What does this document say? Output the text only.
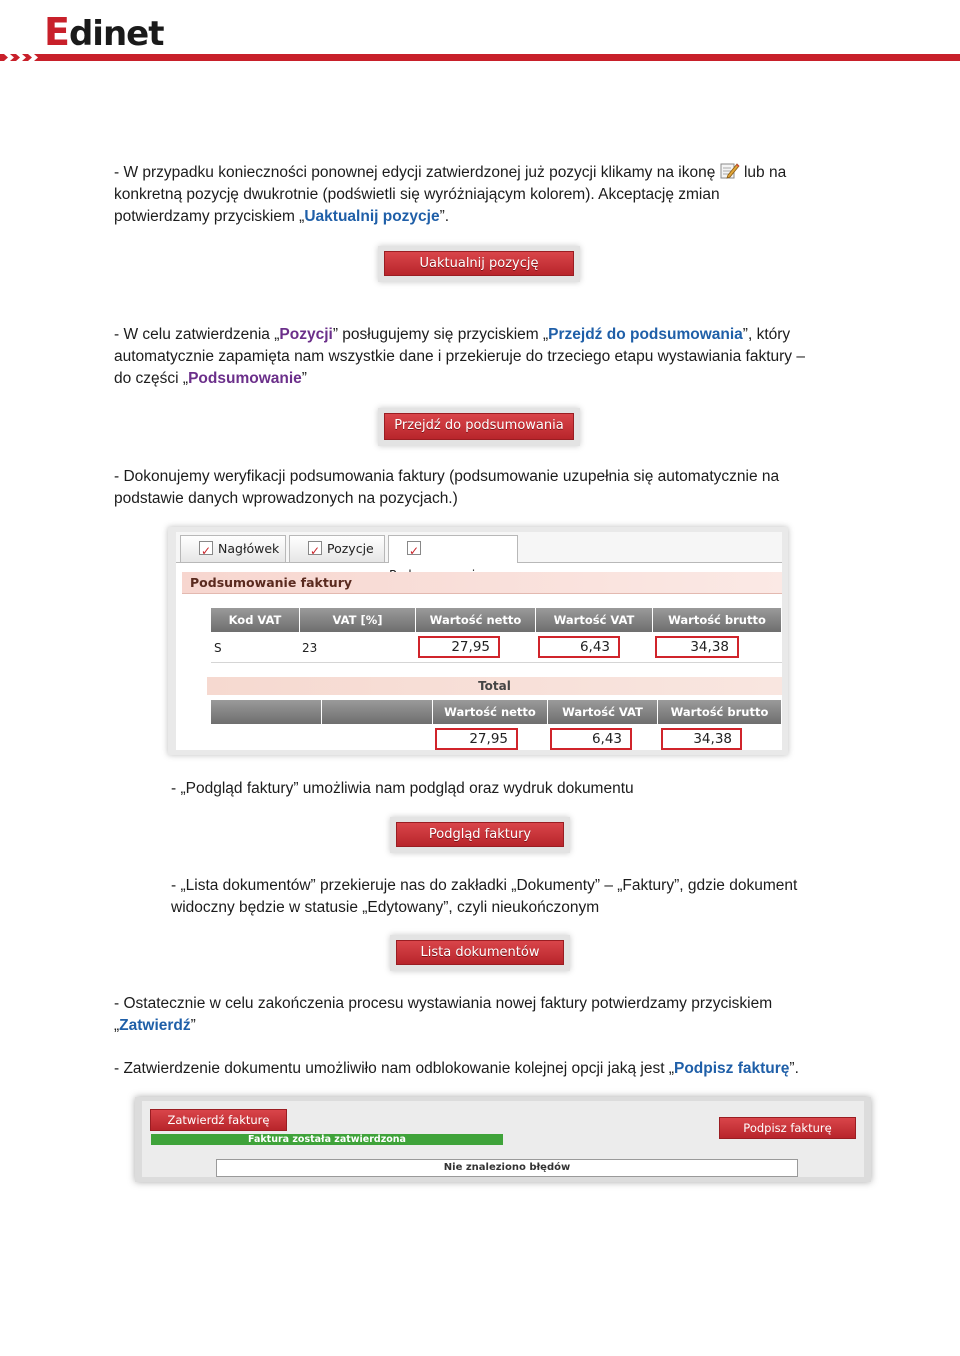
Edinet
- W przypadku konieczności ponownej edycji zatwierdzonej już pozycji klikamy na ikonę lub na
konkretną pozycję dwukrotnie (podświetli się wyróżniającym kolorem). Akceptację zmian
potwierdzamy przyciskiem „Uaktualnij pozycje”.
Uaktualnij pozycję
- W celu zatwierdzenia „Pozycji” posługujemy się przyciskiem „Przejdź do podsumowania”, który
automatycznie zapamięta nam wszystkie dane i przekieruje do trzeciego etapu wystawiania faktury –
do części „Podsumowanie”
Przejdź do podsumowania
- Dokonujemy weryfikacji podsumowania faktury (podsumowanie uzupełnia się automatycznie na
podstawie danych wprowadzonych na pozycjach.)
✓Nagłówek
✓	Pozycje
✓
Podsumowanie faktury
Kod VAT	VAT [%]	Wartość netto	Wartość VAT	Wartość brutto
S	23	27,95	6,43	34,38
Total
Wartość netto	Wartość VAT	Wartość brutto
27,95	6,43	34,38
- „Podgląd faktury” umożliwia nam podgląd oraz wydruk dokumentu
Podgląd faktury
- „Lista dokumentów” przekieruje nas do zakładki „Dokumenty” – „Faktury”, gdzie dokument
widoczny będzie w statusie „Edytowany”, czyli nieukończonym
Lista dokumentów
- Ostatecznie w celu zakończenia procesu wystawiania nowej faktury potwierdzamy przyciskiem
„Zatwierdź”
- Zatwierdzenie dokumentu umożliwiło nam odblokowanie kolejnej opcji jaką jest „Podpisz fakturę”.
Zatwierdź fakturę
Faktura została zatwierdzona
Podpisz fakturę
Nie znaleziono błędów
